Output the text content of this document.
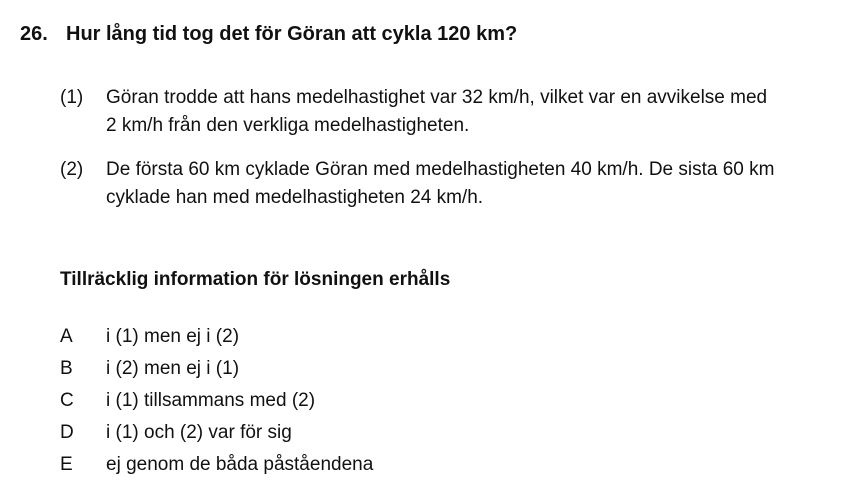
26. Hur lång tid tog det för Göran att cykla 120 km?
(1)	Göran trodde att hans medelhastighet var 32 km/h, vilket var en avvikelse med
2 km/h från den verkliga medelhastigheten.
(2)	De första 60 km cyklade Göran med medelhastigheten 40 km/h. De sista 60 km
cyklade han med medelhastigheten 24 km/h.
Tillräcklig information för lösningen erhålls
A i (1) men ej i (2)
B i (2) men ej i (1)
C i (1) tillsammans med (2)
D i (1) och (2) var för sig
E ej genom de båda påståendena
